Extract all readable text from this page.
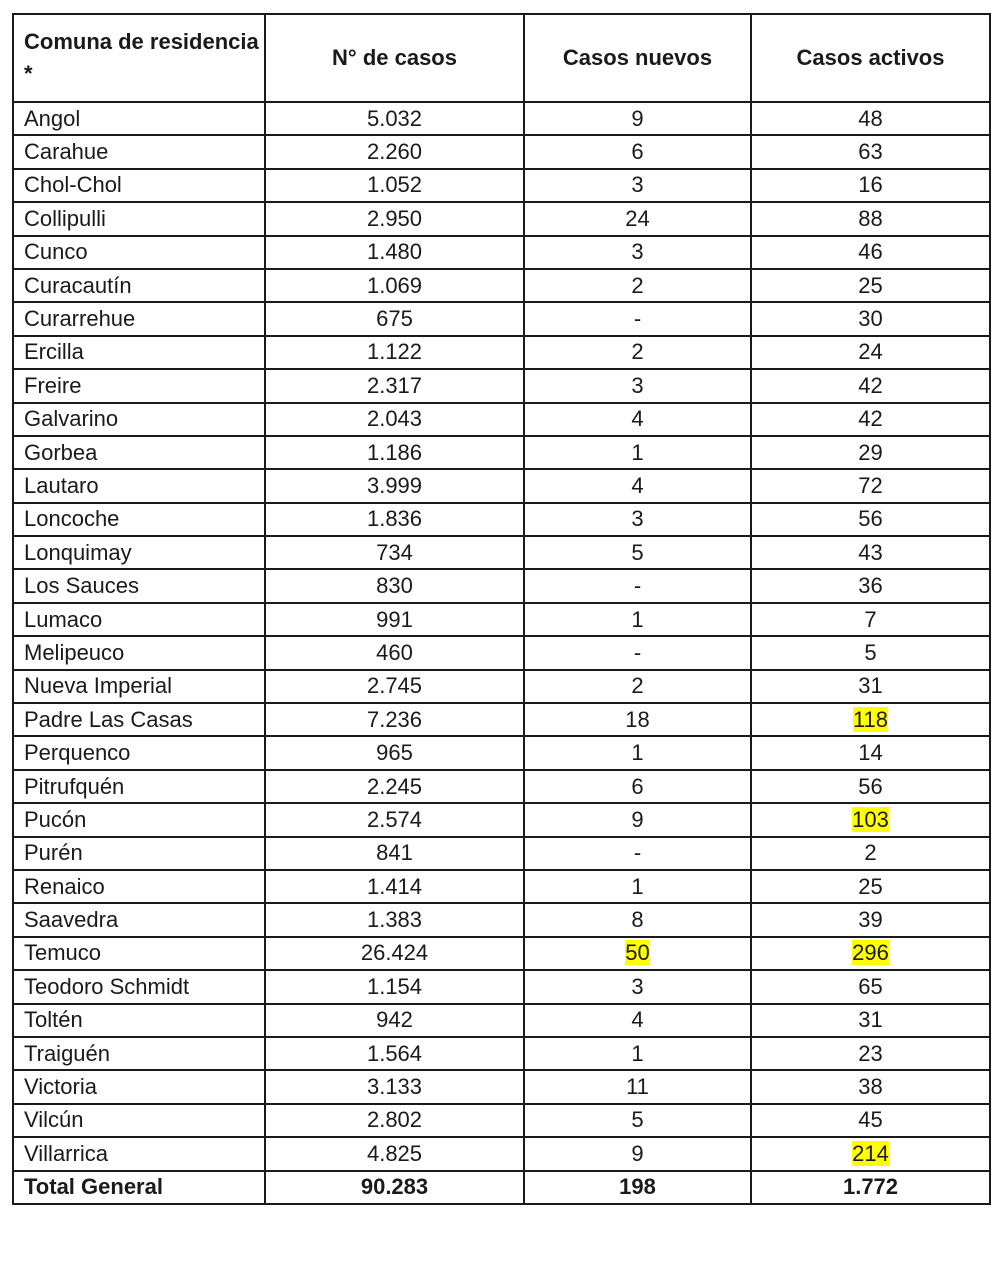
Comuna de residencia *	N° de casos	Casos nuevos	Casos activos
Angol	5.032	9	48
Carahue	2.260	6	63
Chol-Chol	1.052	3	16
Collipulli	2.950	24	88
Cunco	1.480	3	46
Curacautín	1.069	2	25
Curarrehue	675	-	30
Ercilla	1.122	2	24
Freire	2.317	3	42
Galvarino	2.043	4	42
Gorbea	1.186	1	29
Lautaro	3.999	4	72
Loncoche	1.836	3	56
Lonquimay	734	5	43
Los Sauces	830	-	36
Lumaco	991	1	7
Melipeuco	460	-	5
Nueva Imperial	2.745	2	31
Padre Las Casas	7.236	18	118
Perquenco	965	1	14
Pitrufquén	2.245	6	56
Pucón	2.574	9	103
Purén	841	-	2
Renaico	1.414	1	25
Saavedra	1.383	8	39
Temuco	26.424	50	296
Teodoro Schmidt	1.154	3	65
Toltén	942	4	31
Traiguén	1.564	1	23
Victoria	3.133	11	38
Vilcún	2.802	5	45
Villarrica	4.825	9	214
Total General	90.283	198	1.772
